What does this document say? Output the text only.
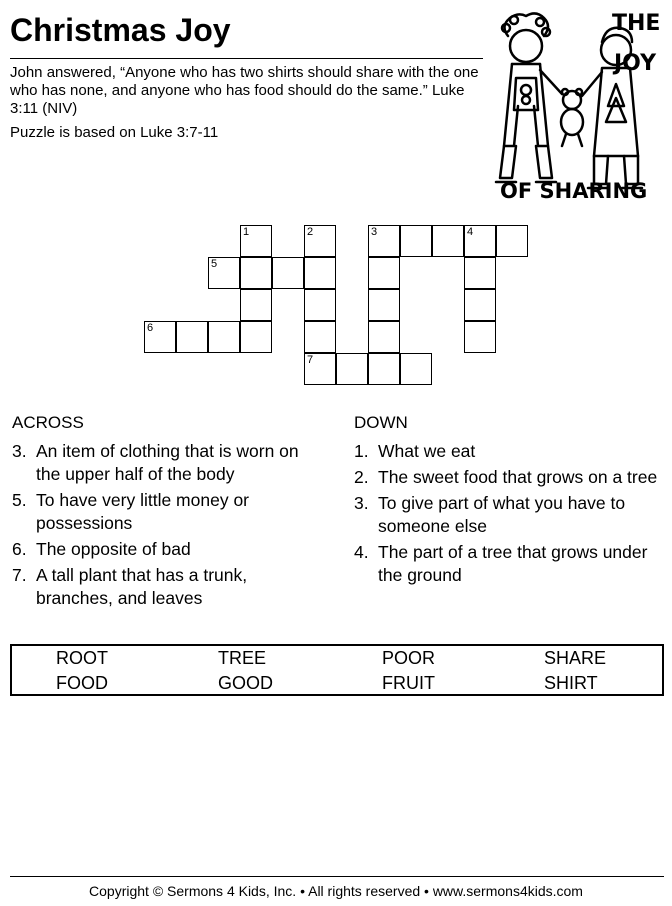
Christmas Joy

John answered, “Anyone who has two shirts should share with the one who has none, and anyone who has food should do the same.” Luke 3:11 (NIV)

Puzzle is based on Luke 3:7-11

THE
JOY
OF SHARING
1	2	3	4
5
6
7
ACROSS
3. An item of clothing that is worn on the upper half of the body
5. To have very little money or possessions
6. The opposite of bad
7. A tall plant that has a trunk, branches, and leaves
DOWN
1. What we eat
2. The sweet food that grows on a tree
3. To give part of what you have to someone else
4. The part of a tree that grows under the ground
ROOT	TREE	POOR	SHARE
FOOD	GOOD	FRUIT	SHIRT
Copyright © Sermons 4 Kids, Inc. • All rights reserved • www.sermons4kids.com
